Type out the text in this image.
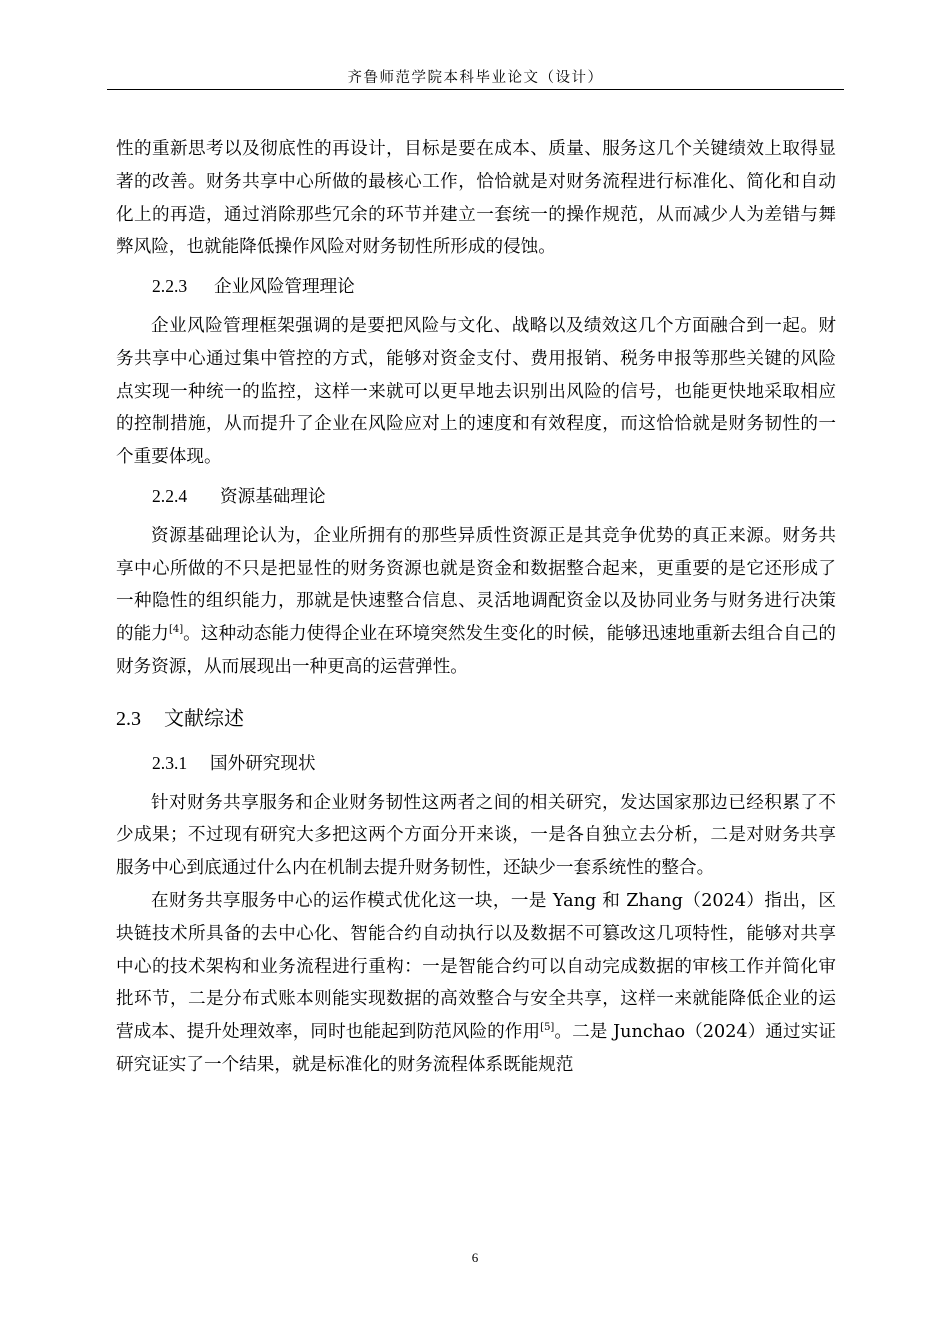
齐鲁师范学院本科毕业论文（设计）

性的重新思考以及彻底性的再设计，目标是要在成本、质量、服务这几个关键绩效上取得显著的改善。财务共享中心所做的最核心工作，恰恰就是对财务流程进行标准化、简化和自动化上的再造，通过消除那些冗余的环节并建立一套统一的操作规范，从而减少人为差错与舞弊风险，也就能降低操作风险对财务韧性所形成的侵蚀。

2.2.3 企业风险管理理论

企业风险管理框架强调的是要把风险与文化、战略以及绩效这几个方面融合到一起。财务共享中心通过集中管控的方式，能够对资金支付、费用报销、税务申报等那些关键的风险点实现一种统一的监控，这样一来就可以更早地去识别出风险的信号，也能更快地采取相应的控制措施，从而提升了企业在风险应对上的速度和有效程度，而这恰恰就是财务韧性的一个重要体现。

2.2.4 资源基础理论

资源基础理论认为，企业所拥有的那些异质性资源正是其竞争优势的真正来源。财务共享中心所做的不只是把显性的财务资源也就是资金和数据整合起来，更重要的是它还形成了一种隐性的组织能力，那就是快速整合信息、灵活地调配资金以及协同业务与财务进行决策的能力[4]。这种动态能力使得企业在环境突然发生变化的时候，能够迅速地重新去组合自己的财务资源，从而展现出一种更高的运营弹性。

2.3 文献综述

2.3.1 国外研究现状

针对财务共享服务和企业财务韧性这两者之间的相关研究，发达国家那边已经积累了不少成果；不过现有研究大多把这两个方面分开来谈，一是各自独立去分析，二是对财务共享服务中心到底通过什么内在机制去提升财务韧性，还缺少一套系统性的整合。

在财务共享服务中心的运作模式优化这一块，一是 Yang 和 Zhang（2024）指出，区块链技术所具备的去中心化、智能合约自动执行以及数据不可篡改这几项特性，能够对共享中心的技术架构和业务流程进行重构：一是智能合约可以自动完成数据的审核工作并简化审批环节，二是分布式账本则能实现数据的高效整合与安全共享，这样一来就能降低企业的运营成本、提升处理效率，同时也能起到防范风险的作用[5]。二是 Junchao（2024）通过实证研究证实了一个结果，就是标准化的财务流程体系既能规范

6
